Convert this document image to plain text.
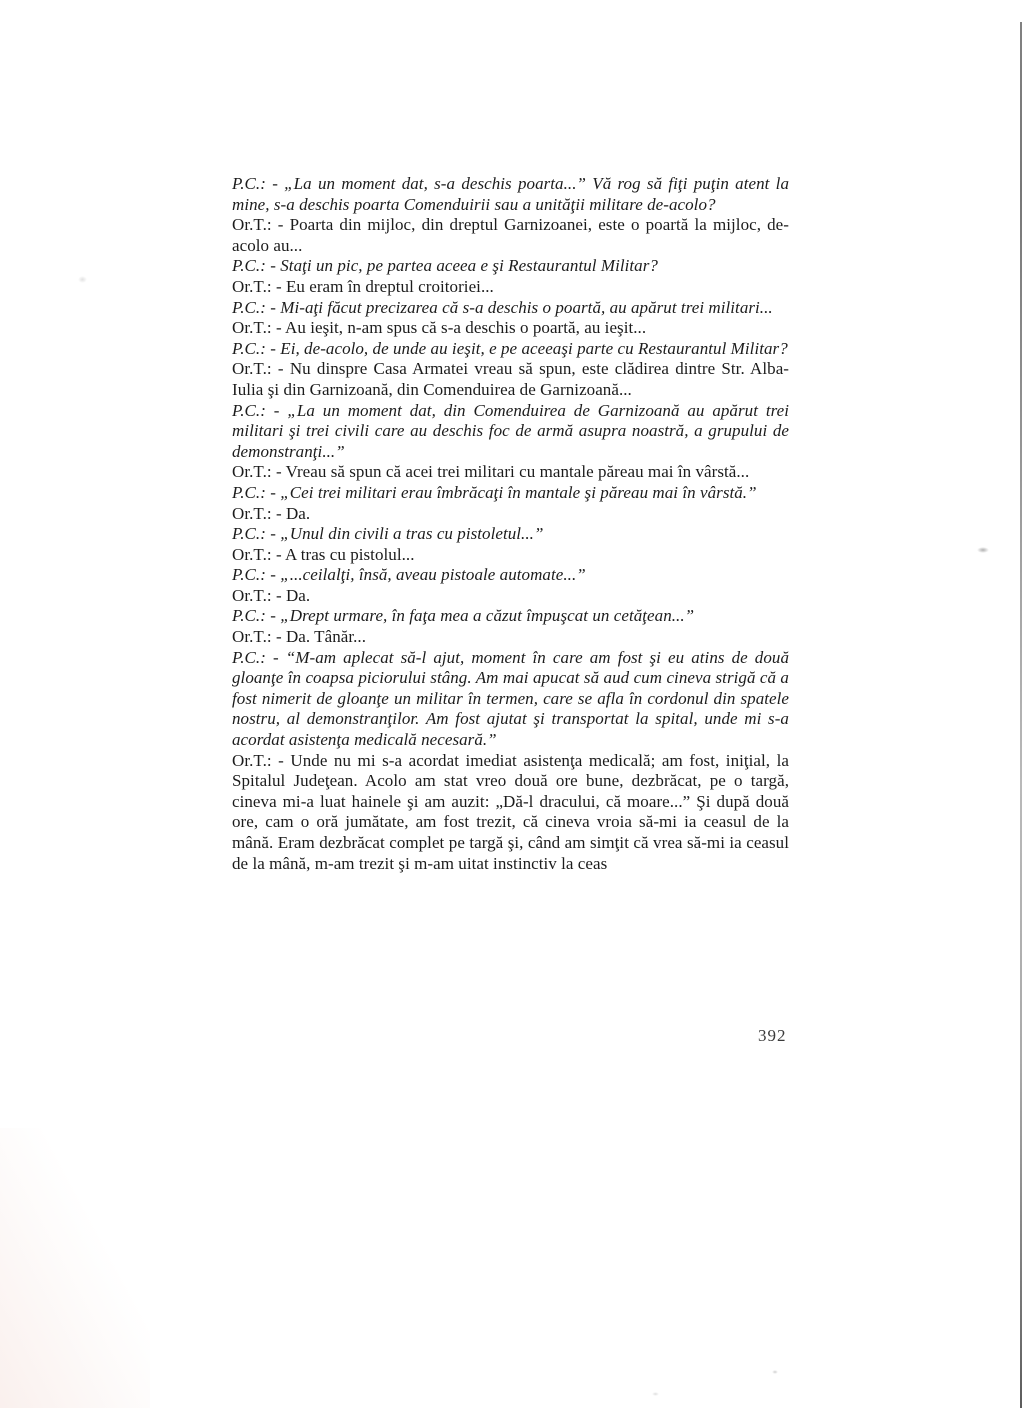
P.C.: - „La un moment dat, s-a deschis poarta...” Vă rog să fiţi puţin atent la mine, s-a deschis poarta Comenduirii sau a unităţii militare de-acolo?

Or.T.: - Poarta din mijloc, din dreptul Garnizoanei, este o poartă la mijloc, de-acolo au...

P.C.: - Staţi un pic, pe partea aceea e şi Restaurantul Militar?

Or.T.: - Eu eram în dreptul croitoriei...

P.C.: - Mi-aţi făcut precizarea că s-a deschis o poartă, au apărut trei militari...

Or.T.: - Au ieşit, n-am spus că s-a deschis o poartă, au ieşit...

P.C.: - Ei, de-acolo, de unde au ieşit, e pe aceeaşi parte cu Restaurantul Militar?

Or.T.: - Nu dinspre Casa Armatei vreau să spun, este clădirea dintre Str. Alba-Iulia şi din Garnizoană, din Comenduirea de Garnizoană...

P.C.: - „La un moment dat, din Comenduirea de Garnizoană au apărut trei militari şi trei civili care au deschis foc de armă asupra noastră, a grupului de demonstranţi...”

Or.T.: - Vreau să spun că acei trei militari cu mantale păreau mai în vârstă...

P.C.: - „Cei trei militari erau îmbrăcaţi în mantale şi păreau mai în vârstă.”

Or.T.: - Da.

P.C.: - „Unul din civili a tras cu pistoletul...”

Or.T.: - A tras cu pistolul...

P.C.: - „...ceilalţi, însă, aveau pistoale automate...”

Or.T.: - Da.

P.C.: - „Drept urmare, în faţa mea a căzut împuşcat un cetăţean...”

Or.T.: - Da. Tânăr...

P.C.: - “M-am aplecat să-l ajut, moment în care am fost şi eu atins de două gloanţe în coapsa piciorului stâng. Am mai apucat să aud cum cineva strigă că a fost nimerit de gloanţe un militar în termen, care se afla în cordonul din spatele nostru, al demonstranţilor. Am fost ajutat şi transportat la spital, unde mi s-a acordat asistenţa medicală necesară.”

Or.T.: - Unde nu mi s-a acordat imediat asistenţa medicală; am fost, iniţial, la Spitalul Judeţean. Acolo am stat vreo două ore bune, dezbrăcat, pe o targă, cineva mi-a luat hainele şi am auzit: „Dă-l dracului, că moare...” Şi după două ore, cam o oră jumătate, am fost trezit, că cineva vroia să-mi ia ceasul de la mână. Eram dezbrăcat complet pe targă şi, când am simţit că vrea să-mi ia ceasul de la mână, m-am trezit şi m-am uitat instinctiv la ceas

392
